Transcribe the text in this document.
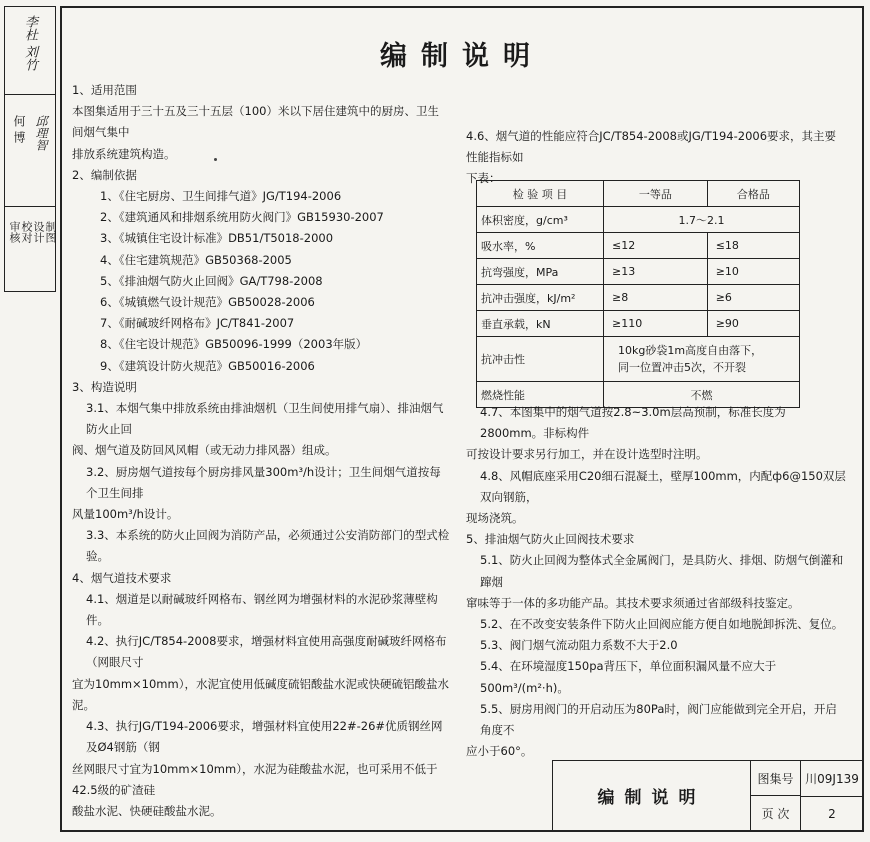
李杜 刘竹
何 博 邱理智
审核 校对 设计 制图
编制说明

1、适用范围

本图集适用于三十五及三十五层（100）米以下居住建筑中的厨房、卫生间烟气集中

排放系统建筑构造。

2、编制依据

1、《住宅厨房、卫生间排气道》JG/T194-2006

2、《建筑通风和排烟系统用防火阀门》GB15930-2007

3、《城镇住宅设计标准》DB51/T5018-2000

4、《住宅建筑规范》GB50368-2005

5、《排油烟气防火止回阀》GA/T798-2008

6、《城镇燃气设计规范》GB50028-2006

7、《耐碱玻纤网格布》JC/T841-2007

8、《住宅设计规范》GB50096-1999（2003年版）

9、《建筑设计防火规范》GB50016-2006

3、构造说明

3.1、本烟气集中排放系统由排油烟机（卫生间使用排气扇）、排油烟气防火止回

阀、烟气道及防回风风帽（或无动力排风器）组成。

3.2、厨房烟气道按每个厨房排风量300m³/h设计；卫生间烟气道按每个卫生间排

风量100m³/h设计。

3.3、本系统的防火止回阀为消防产品，必须通过公安消防部门的型式检验。

4、烟气道技术要求

4.1、烟道是以耐碱玻纤网格布、钢丝网为增强材料的水泥砂浆薄壁构件。

4.2、执行JC/T854-2008要求，增强材料宜使用高强度耐碱玻纤网格布（网眼尺寸

宜为10mm×10mm），水泥宜使用低碱度硫铝酸盐水泥或快硬硫铝酸盐水泥。

4.3、执行JG/T194-2006要求，增强材料宜使用22#-26#优质钢丝网及Ø4钢筋（钢

丝网眼尺寸宜为10mm×10mm），水泥为硅酸盐水泥，也可采用不低于42.5级的矿渣硅

酸盐水泥、快硬硅酸盐水泥。

4.6、烟气道的性能应符合JC/T854-2008或JG/T194-2006要求，其主要性能指标如

下表：

检 验 项 目	一等品	合格品
体积密度，g/cm³	1.7～2.1	
吸水率，%	≤12	≤18
抗弯强度，MPa	≥13	≥10
抗冲击强度，kJ/m²	≥8	≥6
垂直承载，kN	≥110	≥90
抗冲击性	10kg砂袋1m高度自由落下，
同一位置冲击5次，不开裂	

燃烧性能	不燃	

4.7、本图集中的烟气道按2.8~3.0m层高预制，标准长度为2800mm。非标构件

可按设计要求另行加工，并在设计选型时注明。

4.8、风帽底座采用C20细石混凝土，壁厚100mm，内配ф6@150双层双向钢筋，

现场浇筑。

5、排油烟气防火止回阀技术要求

5.1、防火止回阀为整体式全金属阀门，是具防火、排烟、防烟气倒灌和蹿烟

窜味等于一体的多功能产品。其技术要求须通过省部级科技鉴定。

5.2、在不改变安装条件下防火止回阀应能方便自如地脱卸拆洗、复位。

5.3、阀门烟气流动阻力系数不大于2.0

5.4、在环境湿度150pa背压下，单位面积漏风量不应大于500m³/(m²·h)。

5.5、厨房用阀门的开启动压为80Pa时，阀门应能做到完全开启，开启角度不

应小于60°。

编制说明
图集号 川09J139
页 次	2
